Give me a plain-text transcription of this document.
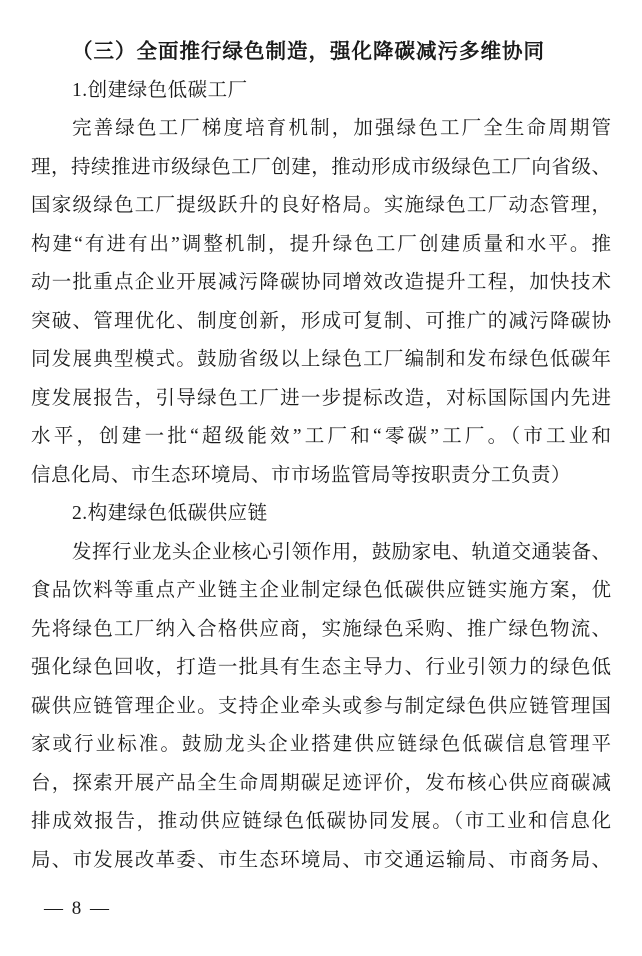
（三）全面推行绿色制造，强化降碳减污多维协同
1.创建绿色低碳工厂
完善绿色工厂梯度培育机制，加强绿色工厂全生命周期管
理，持续推进市级绿色工厂创建，推动形成市级绿色工厂向省级、
国家级绿色工厂提级跃升的良好格局。实施绿色工厂动态管理，
构建“有进有出”调整机制，提升绿色工厂创建质量和水平。推
动一批重点企业开展减污降碳协同增效改造提升工程，加快技术
突破、管理优化、制度创新，形成可复制、可推广的减污降碳协
同发展典型模式。鼓励省级以上绿色工厂编制和发布绿色低碳年
度发展报告，引导绿色工厂进一步提标改造，对标国际国内先进
水平，创建一批“超级能效”工厂和“零碳”工厂。（市工业和
信息化局、市生态环境局、市市场监管局等按职责分工负责）
2.构建绿色低碳供应链
发挥行业龙头企业核心引领作用，鼓励家电、轨道交通装备、
食品饮料等重点产业链主企业制定绿色低碳供应链实施方案，优
先将绿色工厂纳入合格供应商，实施绿色采购、推广绿色物流、
强化绿色回收，打造一批具有生态主导力、行业引领力的绿色低
碳供应链管理企业。支持企业牵头或参与制定绿色供应链管理国
家或行业标准。鼓励龙头企业搭建供应链绿色低碳信息管理平
台，探索开展产品全生命周期碳足迹评价，发布核心供应商碳减
排成效报告，推动供应链绿色低碳协同发展。（市工业和信息化
局、市发展改革委、市生态环境局、市交通运输局、市商务局、
— 8 —
